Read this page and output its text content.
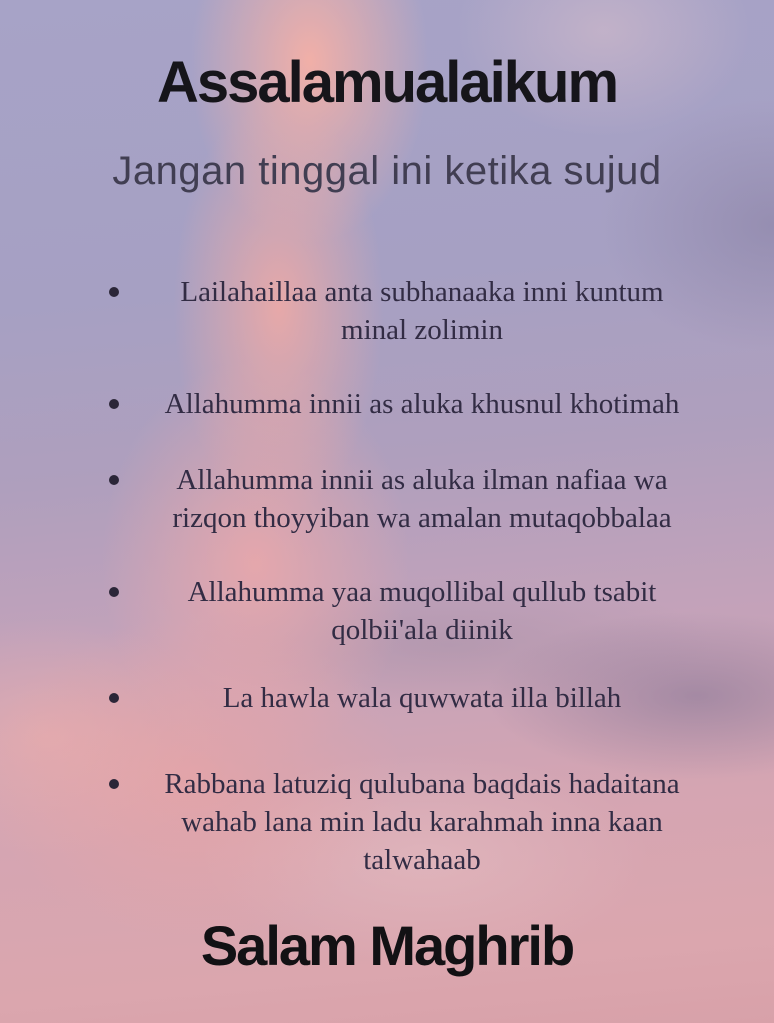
Assalamualaikum
Jangan tinggal ini ketika sujud
Lailahaillaa anta subhanaaka inni kuntum
minal zolimin
Allahumma innii as aluka khusnul khotimah
Allahumma innii as aluka ilman nafiaa wa
rizqon thoyyiban wa amalan mutaqobbalaa
Allahumma yaa muqollibal qullub tsabit
qolbii'ala diinik
La hawla wala quwwata illa billah
Rabbana latuziq qulubana baqdais hadaitana
wahab lana min ladu karahmah inna kaan
talwahaab
Salam Maghrib
